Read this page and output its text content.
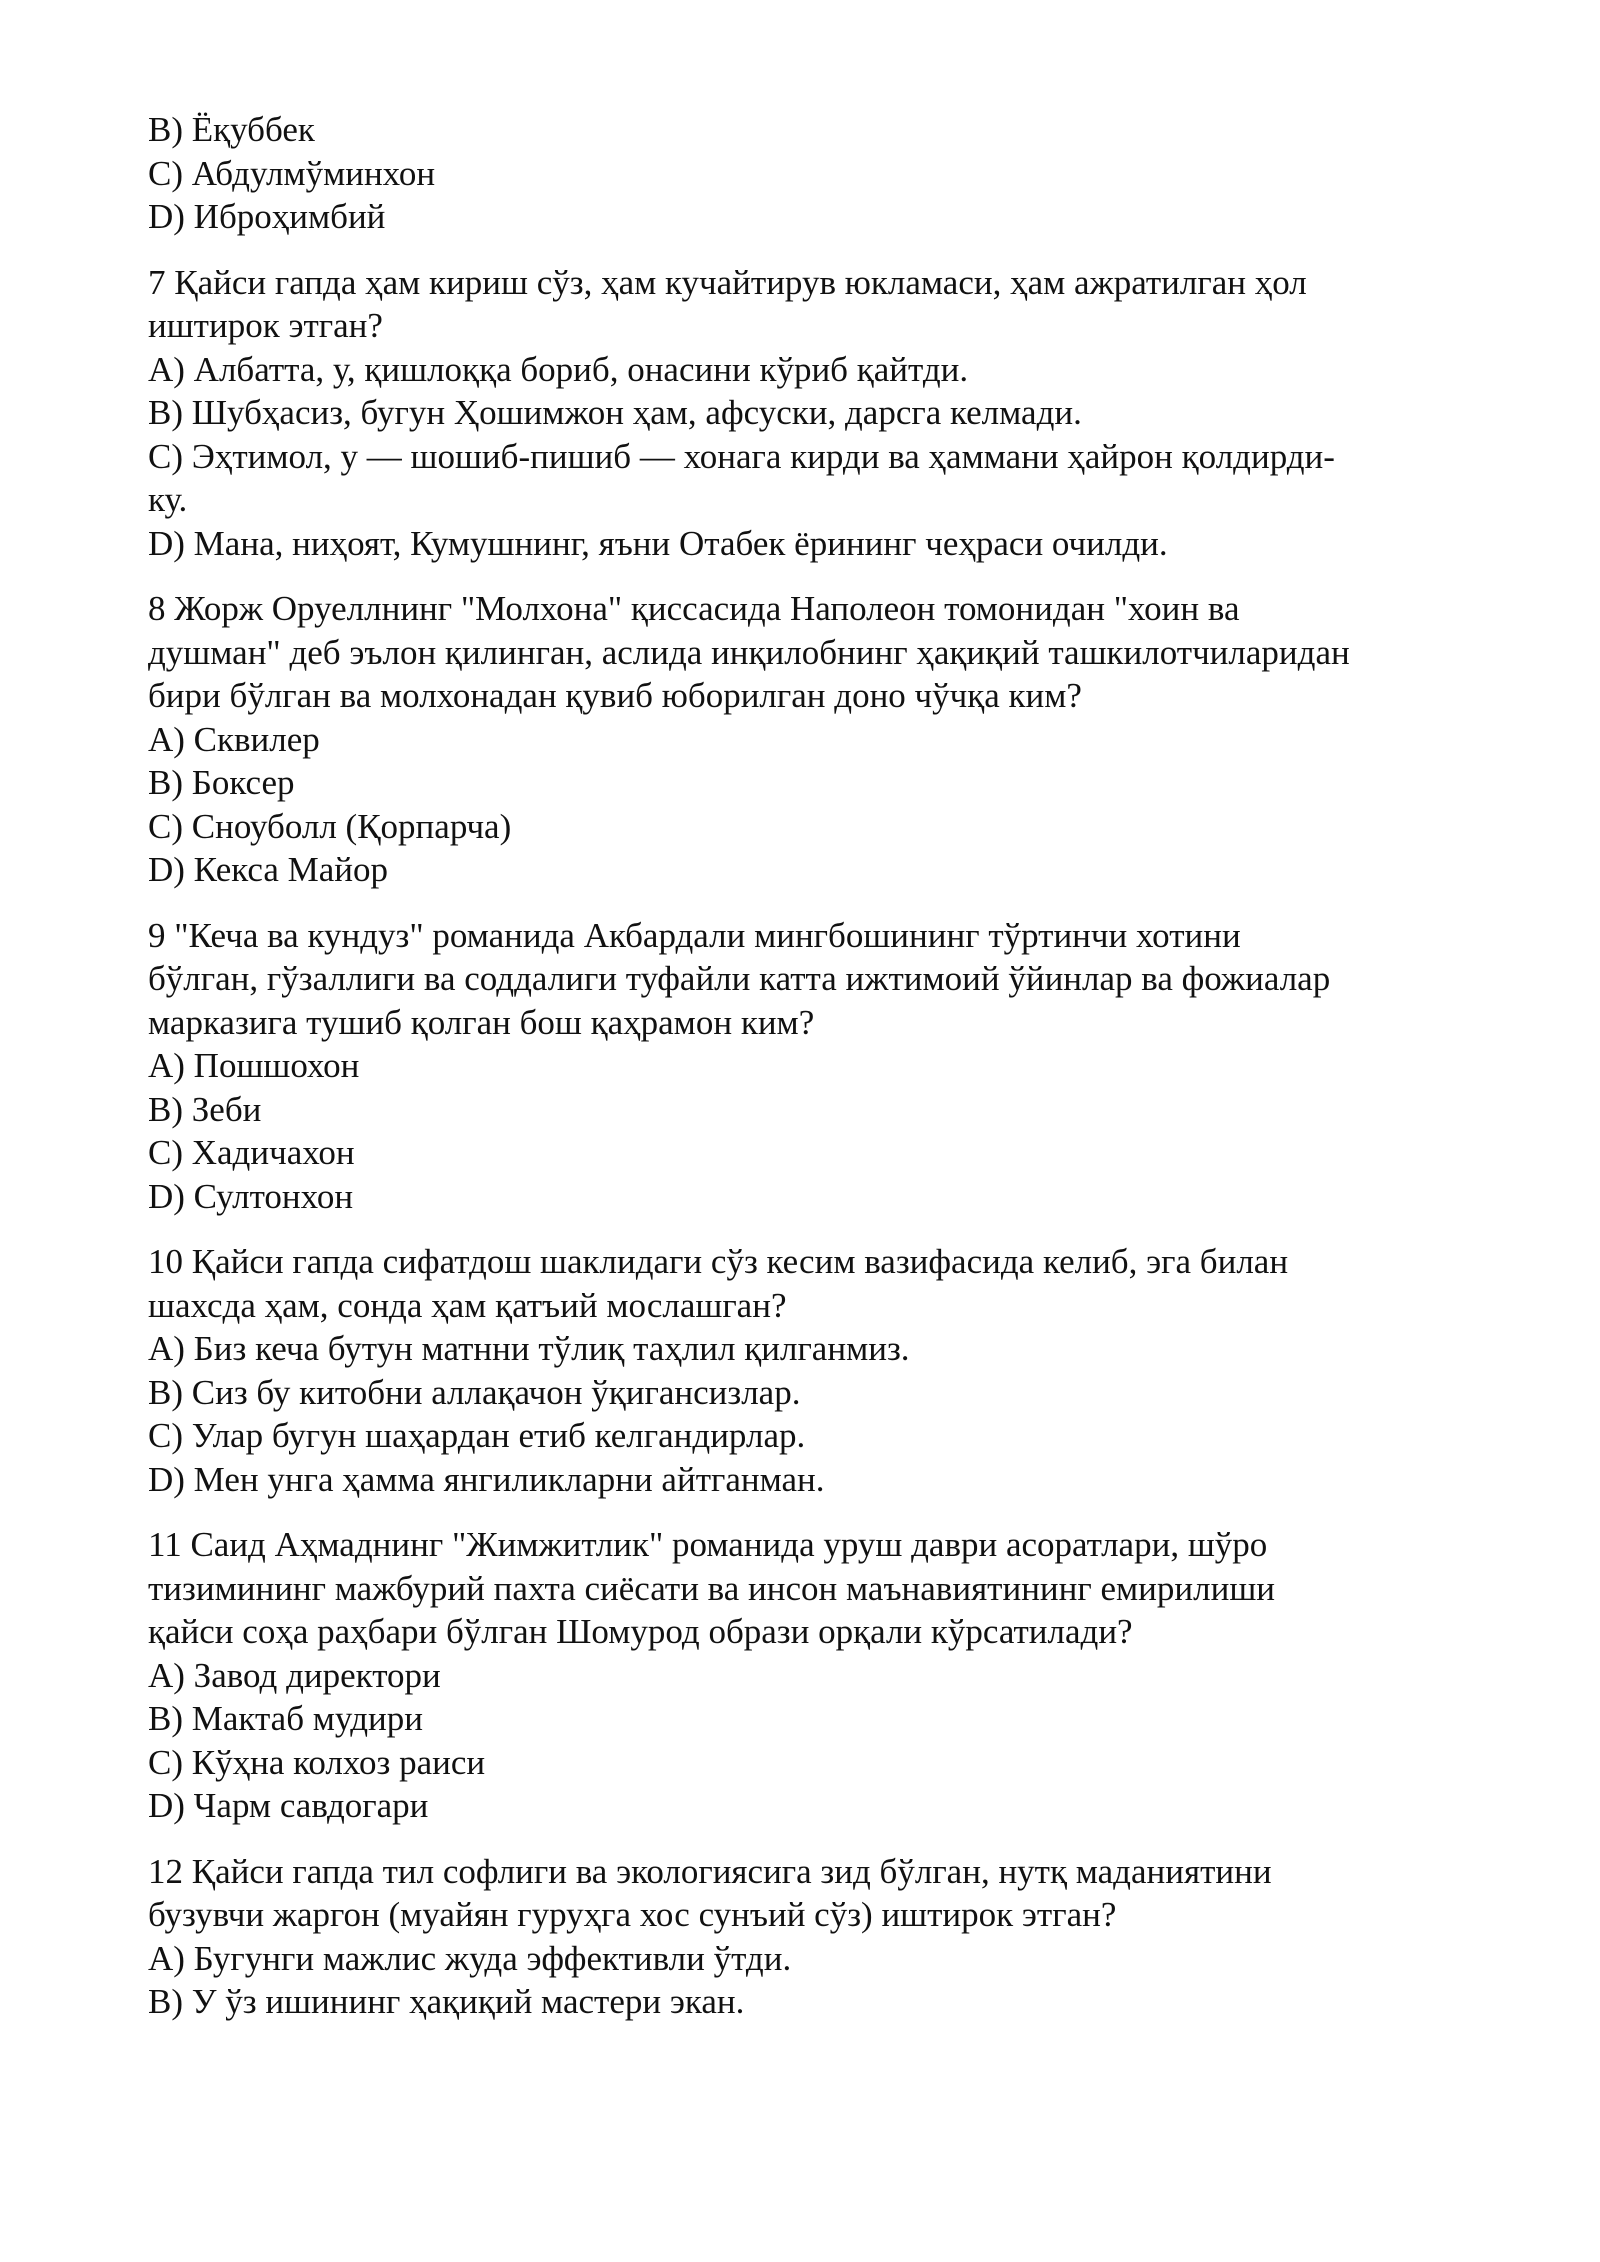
B) Ёқуббек
C) Абдулмўминхон
D) Иброҳимбий
7 Қайси гапда ҳам кириш сўз, ҳам кучайтирув юкламаси, ҳам ажратилган ҳол
иштирок этган?
A) Албатта, у, қишлоққа бориб, онасини кўриб қайтди.
B) Шубҳасиз, бугун Ҳошимжон ҳам, афсуски, дарсга келмади.
C) Эҳтимол, у — шошиб-пишиб — хонага кирди ва ҳаммани ҳайрон қолдирди-
ку.
D) Мана, ниҳоят, Кумушнинг, яъни Отабек ёрининг чеҳраси очилди.
8 Жорж Оруеллнинг "Молхона" қиссасида Наполеон томонидан "хоин ва
душман" деб эълон қилинган, аслида инқилобнинг ҳақиқий ташкилотчиларидан
бири бўлган ва молхонадан қувиб юборилган доно чўчқа ким?
A) Сквилер
B) Боксер
C) Сноуболл (Қорпарча)
D) Кекса Майор
9 "Кеча ва кундуз" романида Акбардали мингбошининг тўртинчи хотини
бўлган, гўзаллиги ва соддалиги туфайли катта ижтимоий ўйинлар ва фожиалар
марказига тушиб қолган бош қаҳрамон ким?
A) Пошшохон
B) Зеби
C) Хадичахон
D) Султонхон
10 Қайси гапда сифатдош шаклидаги сўз кесим вазифасида келиб, эга билан
шахсда ҳам, сонда ҳам қатъий мослашган?
A) Биз кеча бутун матнни тўлиқ таҳлил қилганмиз.
B) Сиз бу китобни аллақачон ўқигансизлар.
C) Улар бугун шаҳардан етиб келгандирлар.
D) Мен унга ҳамма янгиликларни айтганман.
11 Саид Аҳмаднинг "Жимжитлик" романида уруш даври асоратлари, шўро
тизимининг мажбурий пахта сиёсати ва инсон маънавиятининг емирилиши
қайси соҳа раҳбари бўлган Шомурод образи орқали кўрсатилади?
A) Завод директори
B) Мактаб мудири
C) Кўҳна колхоз раиси
D) Чарм савдогари
12 Қайси гапда тил софлиги ва экологиясига зид бўлган, нутқ маданиятини
бузувчи жаргон (муайян гуруҳга хос сунъий сўз) иштирок этган?
A) Бугунги мажлис жуда эффективли ўтди.
B) У ўз ишининг ҳақиқий мастери экан.
